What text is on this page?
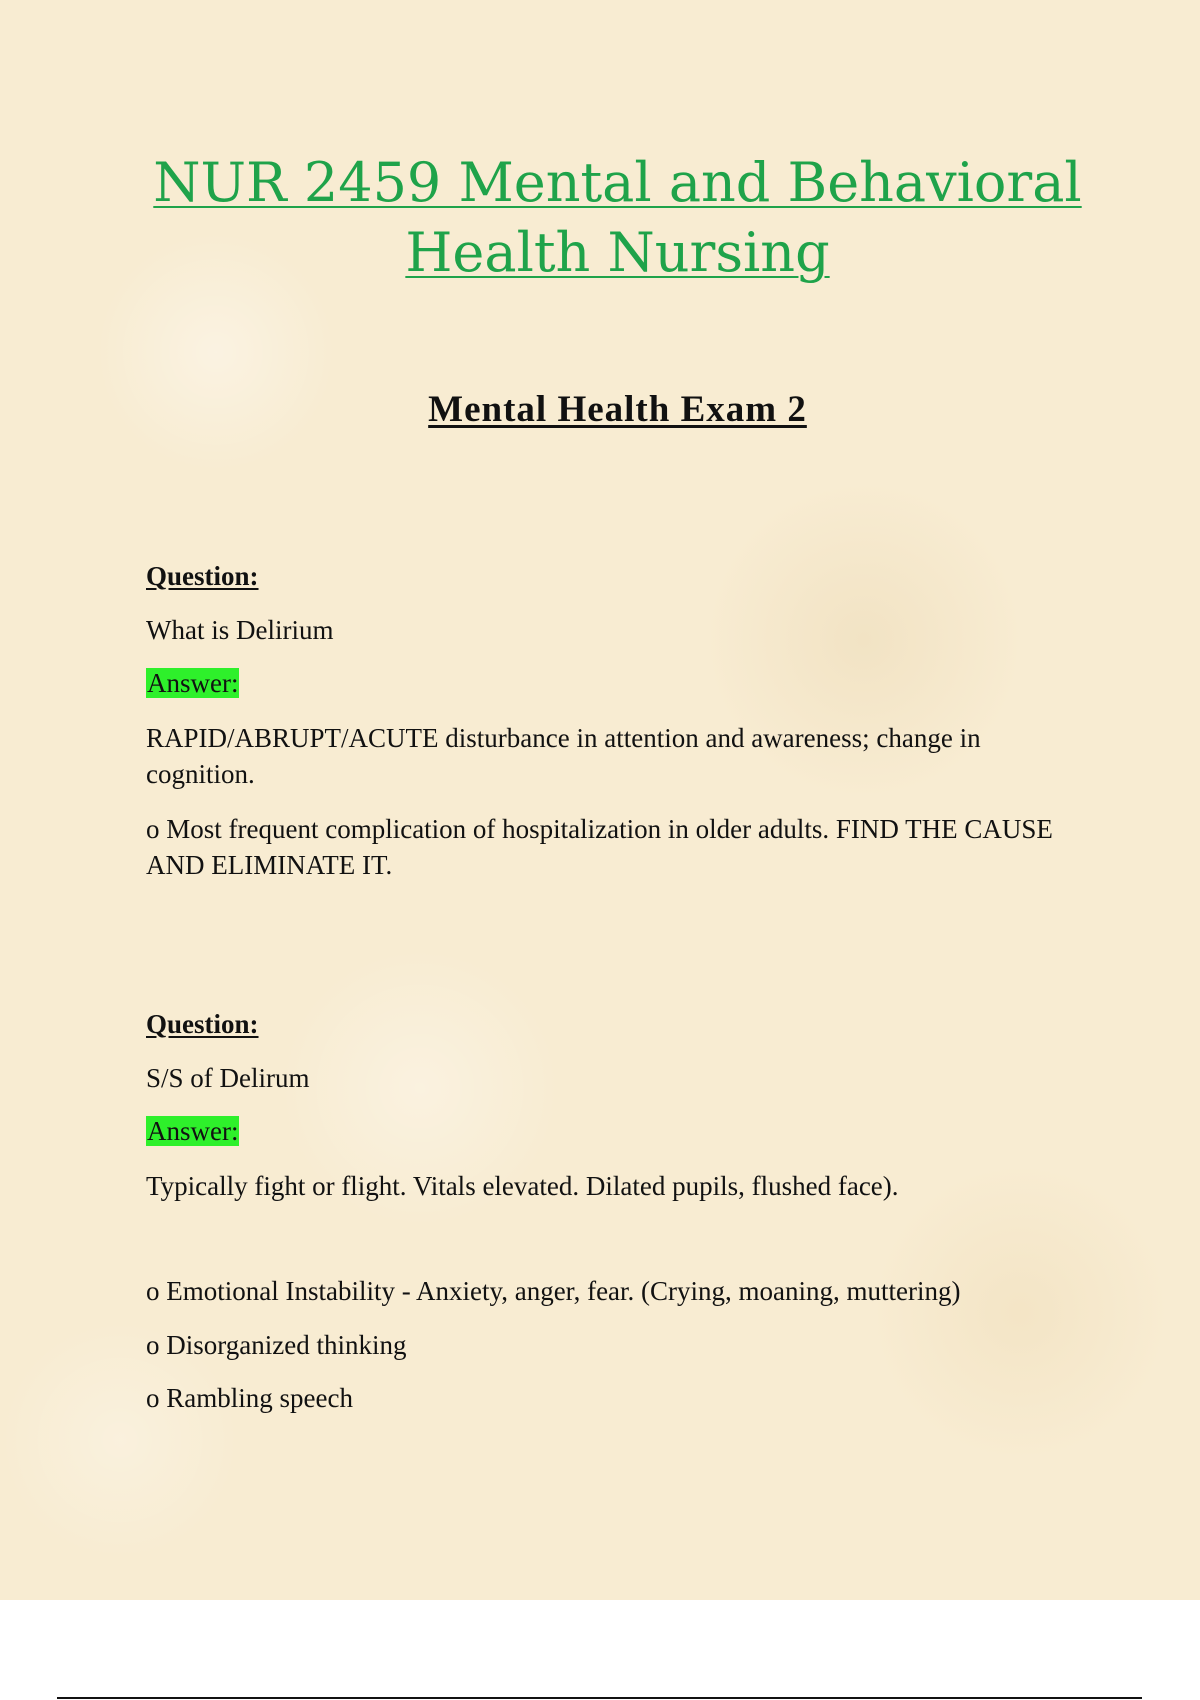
NUR 2459 Mental and Behavioral Health Nursing
Mental Health Exam 2

Question:

What is Delirium

Answer:

RAPID/ABRUPT/ACUTE disturbance in attention and awareness; change in cognition.

o Most frequent complication of hospitalization in older adults. FIND THE CAUSE AND ELIMINATE IT.

Question:

S/S of Delirum

Answer:

Typically fight or flight. Vitals elevated. Dilated pupils, flushed face).

o Emotional Instability - Anxiety, anger, fear. (Crying, moaning, muttering)

o Disorganized thinking

o Rambling speech
